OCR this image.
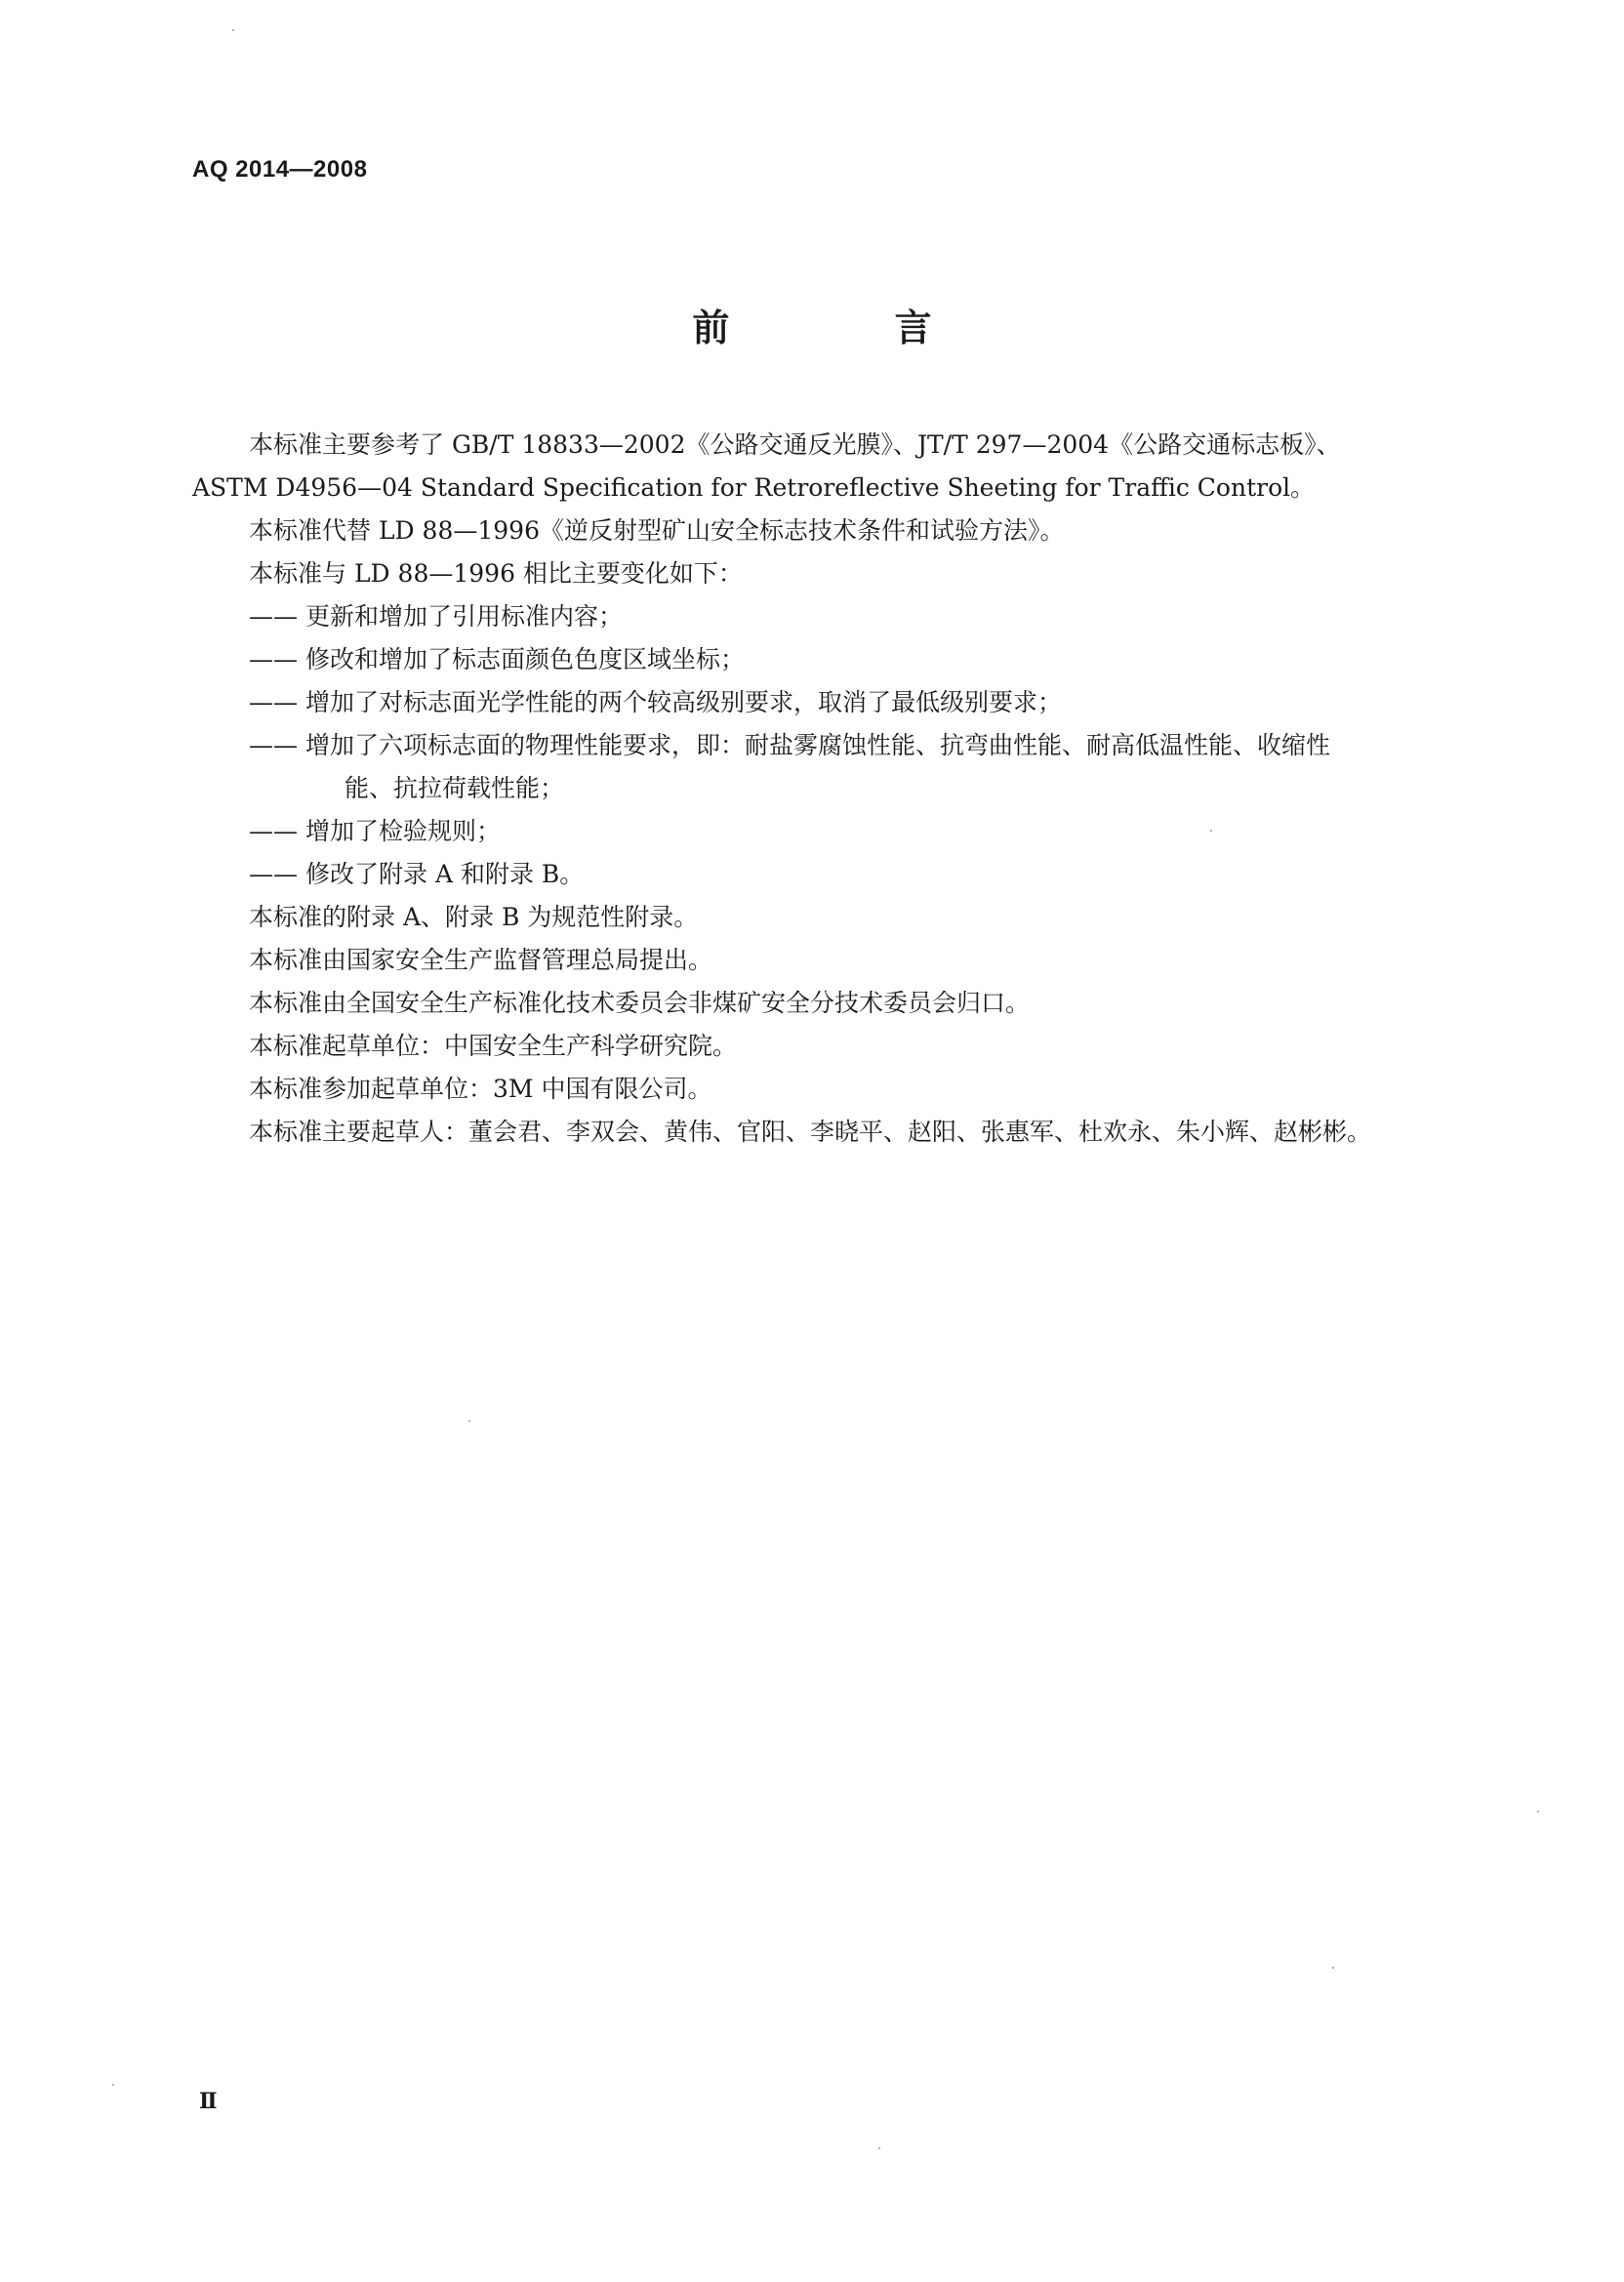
AQ 2014—2008
前 言

本标准主要参考了 GB/T 18833—2002《公路交通反光膜》、JT/T 297—2004《公路交通标志板》、

ASTM D4956—04 Standard Specification for Retroreflective Sheeting for Traffic Control。

本标准代替 LD 88—1996《逆反射型矿山安全标志技术条件和试验方法》。

本标准与 LD 88—1996 相比主要变化如下：

—— 更新和增加了引用标准内容；
—— 修改和增加了标志面颜色色度区域坐标；
—— 增加了对标志面光学性能的两个较高级别要求，取消了最低级别要求；
—— 增加了六项标志面的物理性能要求，即：耐盐雾腐蚀性能、抗弯曲性能、耐高低温性能、收缩性
能、抗拉荷载性能；
—— 增加了检验规则；
—— 修改了附录 A 和附录 B。

本标准的附录 A、附录 B 为规范性附录。

本标准由国家安全生产监督管理总局提出。

本标准由全国安全生产标准化技术委员会非煤矿安全分技术委员会归口。

本标准起草单位：中国安全生产科学研究院。

本标准参加起草单位：3M 中国有限公司。

本标准主要起草人：董会君、李双会、黄伟、官阳、李晓平、赵阳、张惠军、杜欢永、朱小辉、赵彬彬。

Ⅱ
